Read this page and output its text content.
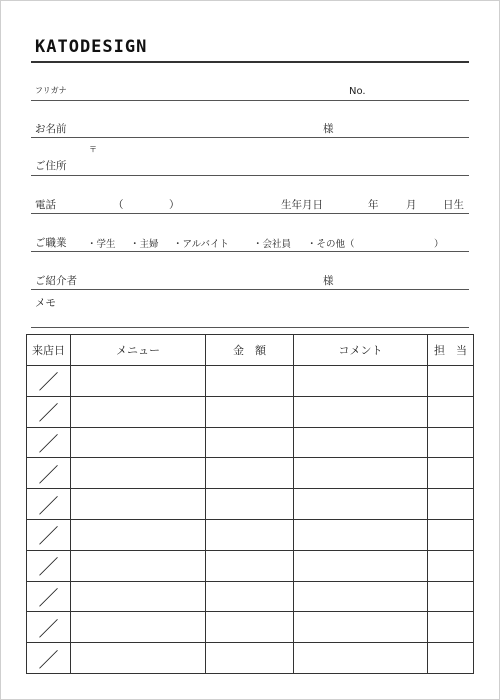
KATODESIGN
フリガナ	No.
お名前	様
〒
ご住所
電話	（	）	生年月日	年	月	日生
ご職業 ・学生 ・主婦 ・アルバイト	・会社員 ・その他（	）
ご紹介者	様
メモ
来店日	メニュー	金　額	コメント	担　当
／				
／				
／				
／				
／				
／				
／				
／				
／				
／				
